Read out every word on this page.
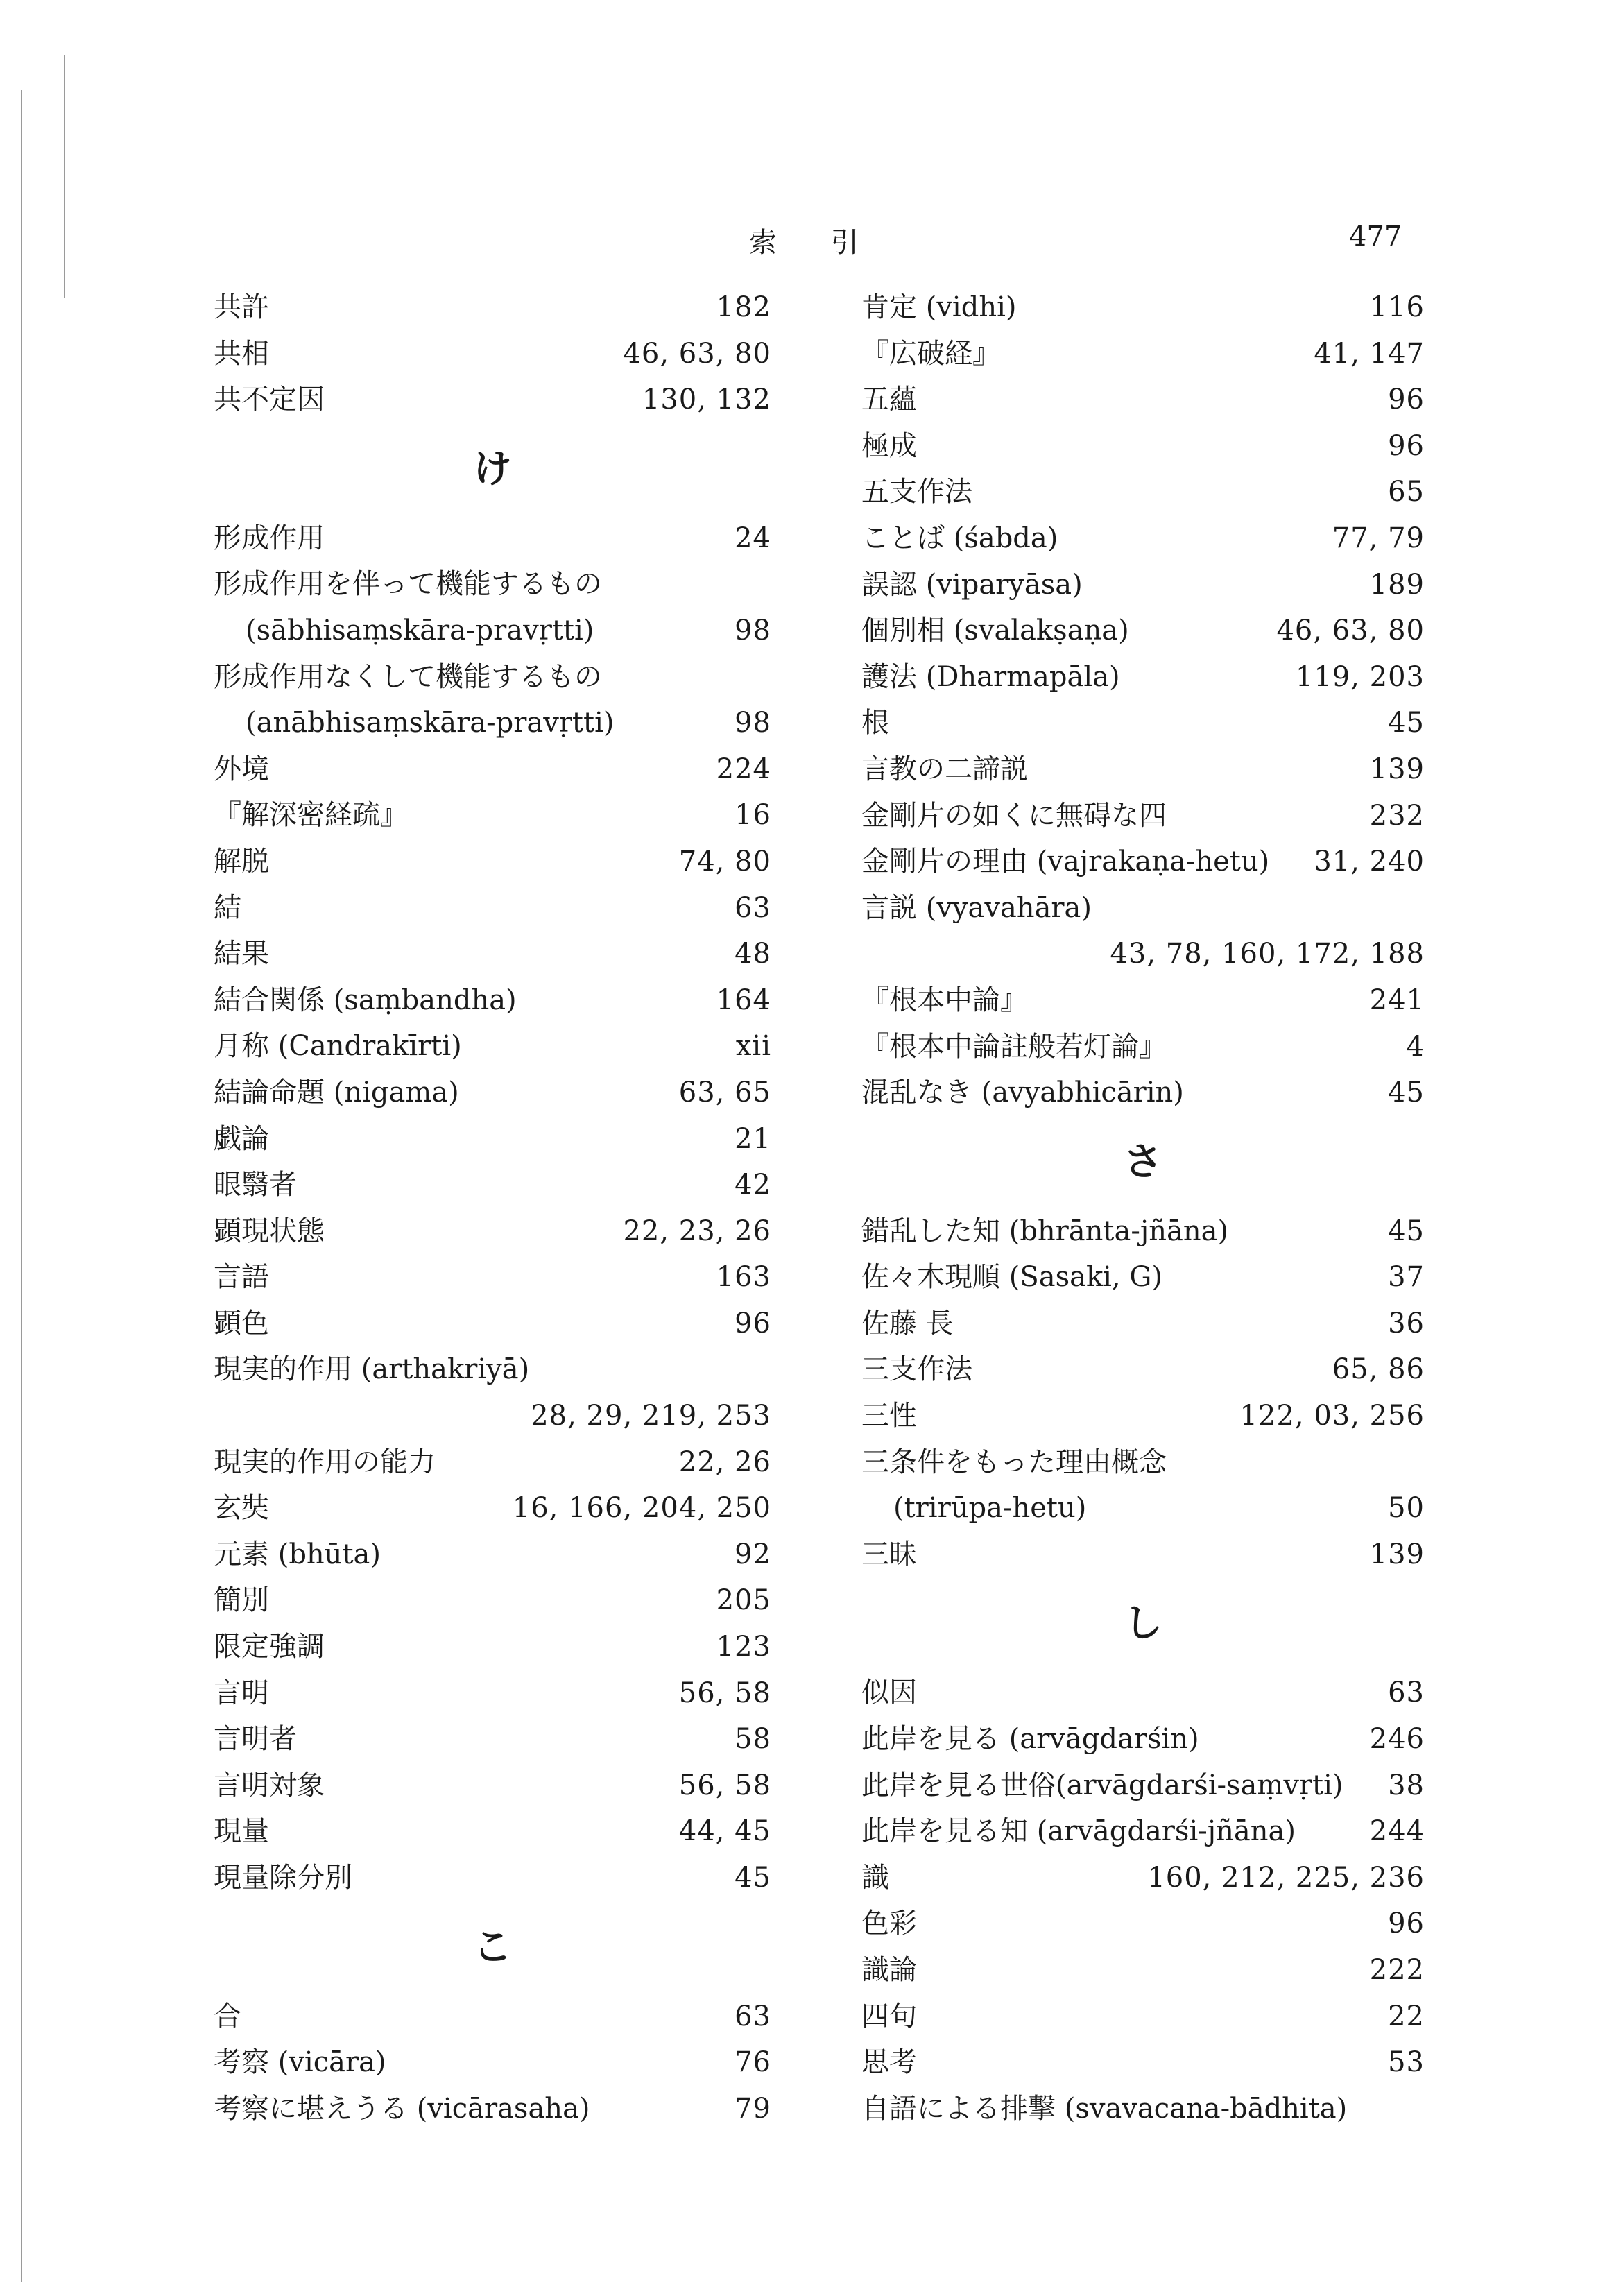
索 引	477
共許	182
共相	46, 63, 80
共不定因	130, 132
け
形成作用	24
形成作用を伴って機能するもの
(sābhisaṃskāra-pravṛtti)	98
形成作用なくして機能するもの
(anābhisaṃskāra-pravṛtti)	98
外境	224
『解深密経疏』	16
解脱	74, 80
結	63
結果	48
結合関係 (saṃbandha)	164
月称 (Candrakīrti)	xii
結論命題 (nigama)	63, 65
戯論	21
眼翳者	42
顕現状態	22, 23, 26
言語	163
顕色	96
現実的作用 (arthakriyā)
28, 29, 219, 253
現実的作用の能力	22, 26
玄奘	16, 166, 204, 250
元素 (bhūta)	92
簡別	205
限定強調	123
言明	56, 58
言明者	58
言明対象	56, 58
現量	44, 45
現量除分別	45
こ
合	63
考察 (vicāra)	76
考察に堪えうる (vicārasaha)	79
肯定 (vidhi)	116
『広破経』	41, 147
五蘊	96
極成	96
五支作法	65
ことば (śabda)	77, 79
誤認 (viparyāsa)	189
個別相 (svalakṣaṇa)	46, 63, 80
護法 (Dharmapāla)	119, 203
根	45
言教の二諦説	139
金剛片の如くに無碍な四	232
金剛片の理由 (vajrakaṇa-hetu)	31, 240
言説 (vyavahāra)
43, 78, 160, 172, 188
『根本中論』	241
『根本中論註般若灯論』	4
混乱なき (avyabhicārin)	45
さ
錯乱した知 (bhrānta-jñāna)	45
佐々木現順 (Sasaki, G)	37
佐藤 長	36
三支作法	65, 86
三性	122, 03, 256
三条件をもった理由概念
(trirūpa-hetu)	50
三昧	139
し
似因	63
此岸を見る (arvāgdarśin)	246
此岸を見る世俗(arvāgdarśi-saṃvṛti)	38
此岸を見る知 (arvāgdarśi-jñāna)	244
識	160, 212, 225, 236
色彩	96
識論	222
四句	22
思考	53
自語による排撃 (svavacana-bādhita)
